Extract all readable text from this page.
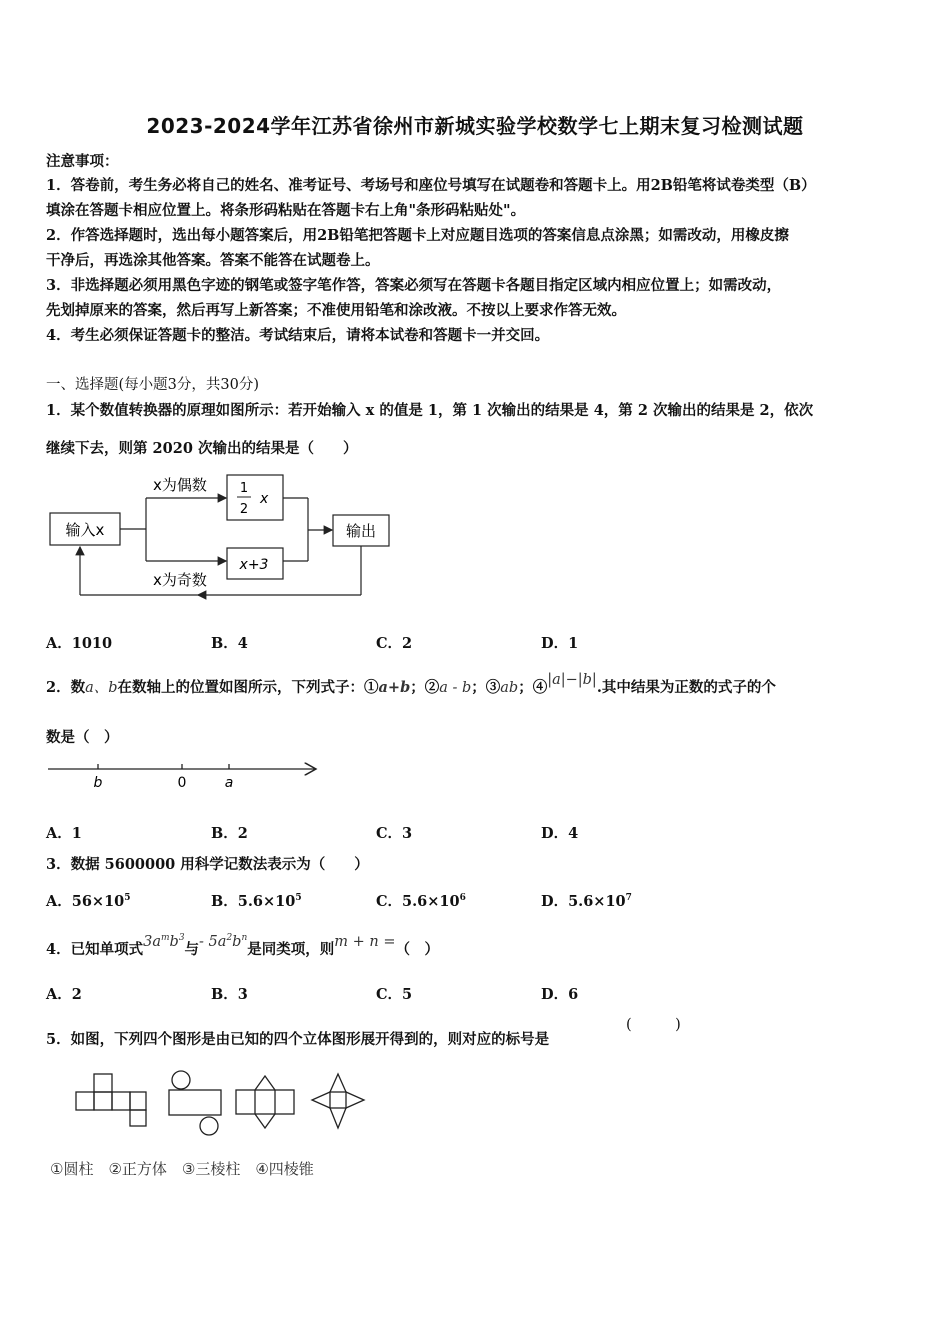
2023-2024学年江苏省徐州市新城实验学校数学七上期末复习检测试题
注意事项：
1．答卷前，考生务必将自己的姓名、准考证号、考场号和座位号填写在试题卷和答题卡上。用2B铅笔将试卷类型（B）
填涂在答题卡相应位置上。将条形码粘贴在答题卡右上角"条形码粘贴处"。
2．作答选择题时，选出每小题答案后，用2B铅笔把答题卡上对应题目选项的答案信息点涂黑；如需改动，用橡皮擦
干净后，再选涂其他答案。答案不能答在试题卷上。
3．非选择题必须用黑色字迹的钢笔或签字笔作答，答案必须写在答题卡各题目指定区域内相应位置上；如需改动，
先划掉原来的答案，然后再写上新答案；不准使用铅笔和涂改液。不按以上要求作答无效。
4．考生必须保证答题卡的整洁。考试结束后，请将本试卷和答题卡一并交回。
一、选择题(每小题3分，共30分)
1．某个数值转换器的原理如图所示：若开始输入 x 的值是 1，第 1 次输出的结果是 4，第 2 次输出的结果是 2，依次
继续下去，则第 2020 次输出的结果是（　　）
输入x
x为偶数	1
2
x
x+3
输出
x为奇数
A．1010	B．4	C．2	D．1
2．数a、b在数轴上的位置如图所示，下列式子：①a+b；②a - b；③ab；④|a|−|b|.其中结果为正数的式子的个
数是（　）
b	0	a
A．1	B．2	C．3	D．4
3．数据 5600000 用科学记数法表示为（　　）
A．$56\times 10^5$	B．$5.6\times 10^5$	C．$5.6\times 10^6$	D．$5.6\times 10^7$
4．已知单项式$3a^mb^3$与- $5a^2b^n$是同类项，则m + n =（　）
A．2	B．3	C．5	D．6
5．如图，下列四个图形是由已知的四个立体图形展开得到的，则对应的标号是
(　　　)
①圆柱　②正方体　③三棱柱　④四棱锥
